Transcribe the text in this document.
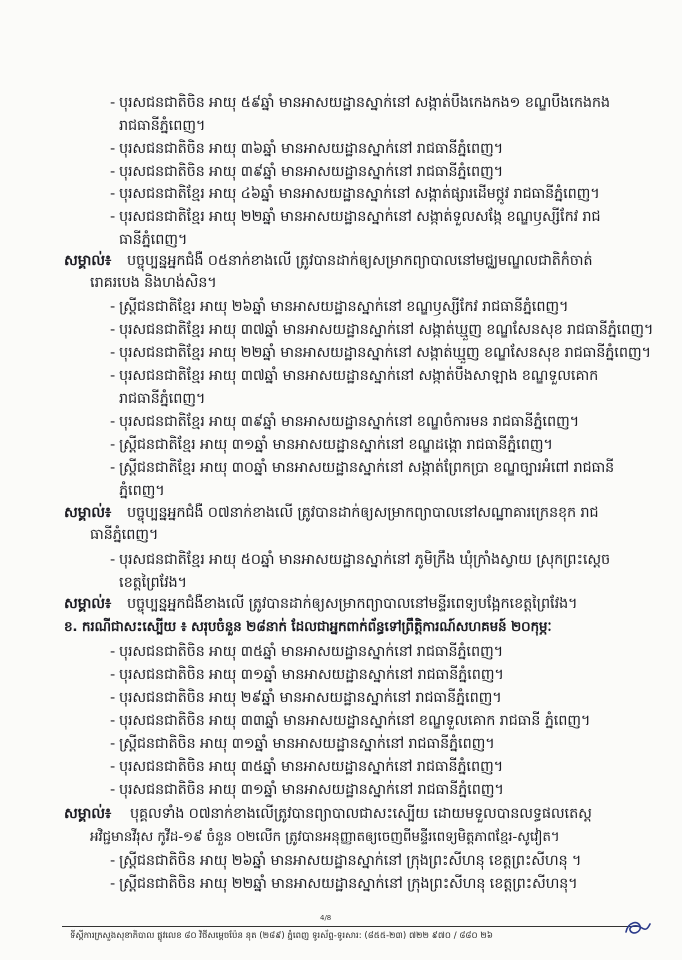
- បុរសជនជាតិចិន អាយុ ៥៩ឆ្នាំ មានអាសយដ្ឋានស្នាក់នៅ សង្កាត់បឹងកេងកង១ ខណ្ឌបឹងកេងកង
រាជធានីភ្នំពេញ។
- បុរសជនជាតិចិន អាយុ ៣៦ឆ្នាំ មានអាសយដ្ឋានស្នាក់នៅ រាជធានីភ្នំពេញ។
- បុរសជនជាតិចិន អាយុ ៣៩ឆ្នាំ មានអាសយដ្ឋានស្នាក់នៅ រាជធានីភ្នំពេញ។
- បុរសជនជាតិខ្មែរ អាយុ ៤៦ឆ្នាំ មានអាសយដ្ឋានស្នាក់នៅ សង្កាត់ផ្សារដើមថ្កូវ រាជធានីភ្នំពេញ។
- បុរសជនជាតិខ្មែរ អាយុ ២២ឆ្នាំ មានអាសយដ្ឋានស្នាក់នៅ សង្កាត់ទួលសង្កែ ខណ្ឌឫស្សីកែវ រាជ
ធានីភ្នំពេញ។
សម្គាល់៖ បច្ចុប្បន្នអ្នកជំងឺ ០៥នាក់ខាងលើ ត្រូវបានដាក់ឲ្យសម្រាកព្យាបាលនៅមជ្ឈមណ្ឌលជាតិកំចាត់
រោគរបេង និងហង់សិន។
- ស្ត្រីជនជាតិខ្មែរ អាយុ ២៦ឆ្នាំ មានអាសយដ្ឋានស្នាក់នៅ ខណ្ឌឫស្សីកែវ រាជធានីភ្នំពេញ។
- បុរសជនជាតិខ្មែរ អាយុ ៣៧ឆ្នាំ មានអាសយដ្ឋានស្នាក់នៅ សង្កាត់ឃ្មួញ ខណ្ឌសែនសុខ រាជធានីភ្នំពេញ។
- បុរសជនជាតិខ្មែរ អាយុ ២២ឆ្នាំ មានអាសយដ្ឋានស្នាក់នៅ សង្កាត់ឃ្មួញ ខណ្ឌសែនសុខ រាជធានីភ្នំពេញ។
- បុរសជនជាតិខ្មែរ អាយុ ៣៧ឆ្នាំ មានអាសយដ្ឋានស្នាក់នៅ សង្កាត់បឹងសាឡាង ខណ្ឌទួលគោក
រាជធានីភ្នំពេញ។
- បុរសជនជាតិខ្មែរ អាយុ ៣៩ឆ្នាំ មានអាសយដ្ឋានស្នាក់នៅ ខណ្ឌចំការមន រាជធានីភ្នំពេញ។
- ស្ត្រីជនជាតិខ្មែរ អាយុ ៣១ឆ្នាំ មានអាសយដ្ឋានស្នាក់នៅ ខណ្ឌដង្កោ រាជធានីភ្នំពេញ។
- ស្ត្រីជនជាតិខ្មែរ អាយុ ៣០ឆ្នាំ មានអាសយដ្ឋានស្នាក់នៅ សង្កាត់ព្រែកប្រា ខណ្ឌច្បារអំពៅ រាជធានី
ភ្នំពេញ។
សម្គាល់៖ បច្ចុប្បន្នអ្នកជំងឺ ០៧នាក់ខាងលើ ត្រូវបានដាក់ឲ្យសម្រាកព្យាបាលនៅសណ្ឋាគារក្រេនខុក រាជ
ធានីភ្នំពេញ។
- បុរសជនជាតិខ្មែរ អាយុ ៥០ឆ្នាំ មានអាសយដ្ឋានស្នាក់នៅ ភូមិក្រឹង ឃុំក្រាំងស្វាយ ស្រុកព្រះស្ដេច
ខេត្តព្រៃវែង។
សម្គាល់៖ បច្ចុប្បន្នអ្នកជំងឺខាងលើ ត្រូវបានដាក់ឲ្យសម្រាកព្យាបាលនៅមន្ទីរពេទ្យបង្អែកខេត្តព្រៃវែង។
ខ. ករណីជាសះស្បើយ ៖ សរុបចំនួន ២៨នាក់ ដែលជាអ្នកពាក់ព័ន្ធទៅព្រឹត្តិការណ៍សហគមន៍ ២០កុម្ភៈ
- បុរសជនជាតិចិន អាយុ ៣៥ឆ្នាំ មានអាសយដ្ឋានស្នាក់នៅ រាជធានីភ្នំពេញ។
- បុរសជនជាតិចិន អាយុ ៣១ឆ្នាំ មានអាសយដ្ឋានស្នាក់នៅ រាជធានីភ្នំពេញ។
- បុរសជនជាតិចិន អាយុ ២៩ឆ្នាំ មានអាសយដ្ឋានស្នាក់នៅ រាជធានីភ្នំពេញ។
- បុរសជនជាតិចិន អាយុ ៣៣ឆ្នាំ មានអាសយដ្ឋានស្នាក់នៅ ខណ្ឌទួលគោក រាជធានី ភ្នំពេញ។
- ស្ត្រីជនជាតិចិន អាយុ ៣១ឆ្នាំ មានអាសយដ្ឋានស្នាក់នៅ រាជធានីភ្នំពេញ។
- បុរសជនជាតិចិន អាយុ ៣៥ឆ្នាំ មានអាសយដ្ឋានស្នាក់នៅ រាជធានីភ្នំពេញ។
- បុរសជនជាតិចិន អាយុ ៣១ឆ្នាំ មានអាសយដ្ឋានស្នាក់នៅ រាជធានីភ្នំពេញ។
សម្គាល់៖ បុគ្គលទាំង ០៧នាក់ខាងលើត្រូវបានព្យាបាលជាសះស្បើយ ដោយមទួលបានលទ្ធផលតេស្ត
អវិជ្ជមានវីរុស កូវីដ-១៩ ចំនួន ០២លើក ត្រូវបានអនុញ្ញាតឲ្យចេញពីមន្ទីរពេទ្យមិត្តភាពខ្មែរ-សូវៀត។
- ស្ត្រីជនជាតិចិន អាយុ ២៦ឆ្នាំ មានអាសយដ្ឋានស្នាក់នៅ ក្រុងព្រះសីហនុ ខេត្តព្រះសីហនុ ។
- ស្ត្រីជនជាតិចិន អាយុ ២២ឆ្នាំ មានអាសយដ្ឋានស្នាក់នៅ ក្រុងព្រះសីហនុ ខេត្តព្រះសីហនុ។
4/8
ទីស្តីការក្រសួងសុខាភិបាល ផ្លូវលេខ ៨០ វិថីសម្តេចប៉ែន នុត (២៨៩) ភ្នំពេញ ទូរស័ព្ទ-ទូរសារ: (៨៥៥-២៣) ៧២២ ៩៧០ / ៨៨០ ២៦
